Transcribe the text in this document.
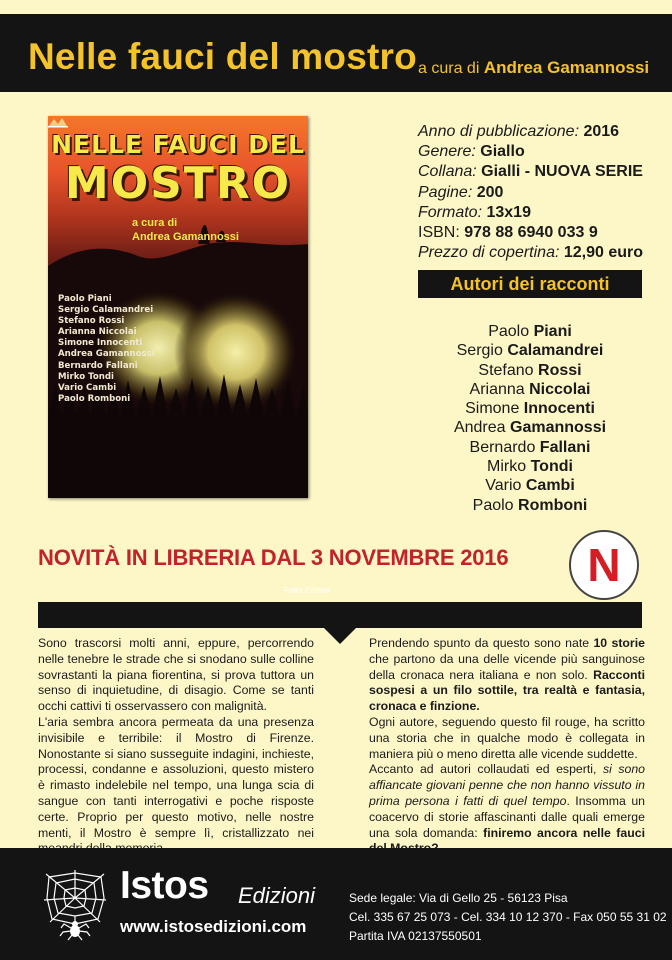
Nelle fauci del mostro a cura di Andrea Gamannossi
NELLE FAUCI DEL
MOSTRO
a cura di
Andrea Gamannossi
Paolo Piani
Sergio Calamandrei
Stefano Rossi
Arianna Niccolai
Simone Innocenti
Andrea Gamannossi
Bernardo Fallani
Mirko Tondi
Vario Cambi
Paolo Romboni
Felici Editore
Anno di pubblicazione: 2016
Genere: Giallo
Collana: Gialli - NUOVA SERIE
Pagine: 200
Formato: 13x19
ISBN: 978 88 6940 033 9
Prezzo di copertina: 12,90 euro
Autori dei racconti
Paolo Piani
Sergio Calamandrei
Stefano Rossi
Arianna Niccolai
Simone Innocenti
Andrea Gamannossi
Bernardo Fallani
Mirko Tondi
Vario Cambi
Paolo Romboni
NOVITÀ IN LIBRERIA DAL 3 NOVEMBRE 2016	N

Sono trascorsi molti anni, eppure, percorrendo nelle tenebre le strade che si snodano sulle colline sovrastanti la piana fiorentina, si prova tuttora un senso di inquietudine, di disagio. Come se tanti occhi cattivi ti osservassero con malignità.

L'aria sembra ancora permeata da una presenza invisibile e terribile: il Mostro di Firenze. Nonostante si siano susseguite indagini, inchieste, processi, condanne e assoluzioni, questo mistero è rimasto indelebile nel tempo, una lunga scia di sangue con tanti interrogativi e poche risposte certe. Proprio per questo motivo, nelle nostre menti, il Mostro è sempre lì, cristallizzato nei

Prendendo spunto da questo sono nate 10 storie che partono da una delle vicende più sanguinose della cronaca nera italiana e non solo. Racconti sospesi a un filo sottile, tra realtà e fantasia, cronaca e finzione.

Ogni autore, seguendo questo fil rouge, ha scritto una storia che in qualche modo è collegata in maniera più o meno diretta alle vicende suddette.

Accanto ad autori collaudati ed esperti, si sono affiancate giovani penne che non hanno vissuto in prima persona i fatti di quel tempo. Insomma un coacervo di storie affascinanti dalle quali emerge una sola domanda: finiremo ancora nelle fauci

Istos Edizioni
www.istosedizioni.com
Sede legale: Via di Gello 25 - 56123 Pisa
Cel. 335 67 25 073 - Cel. 334 10 12 370 - Fax 050 55 31 02
Partita IVA 02137550501
